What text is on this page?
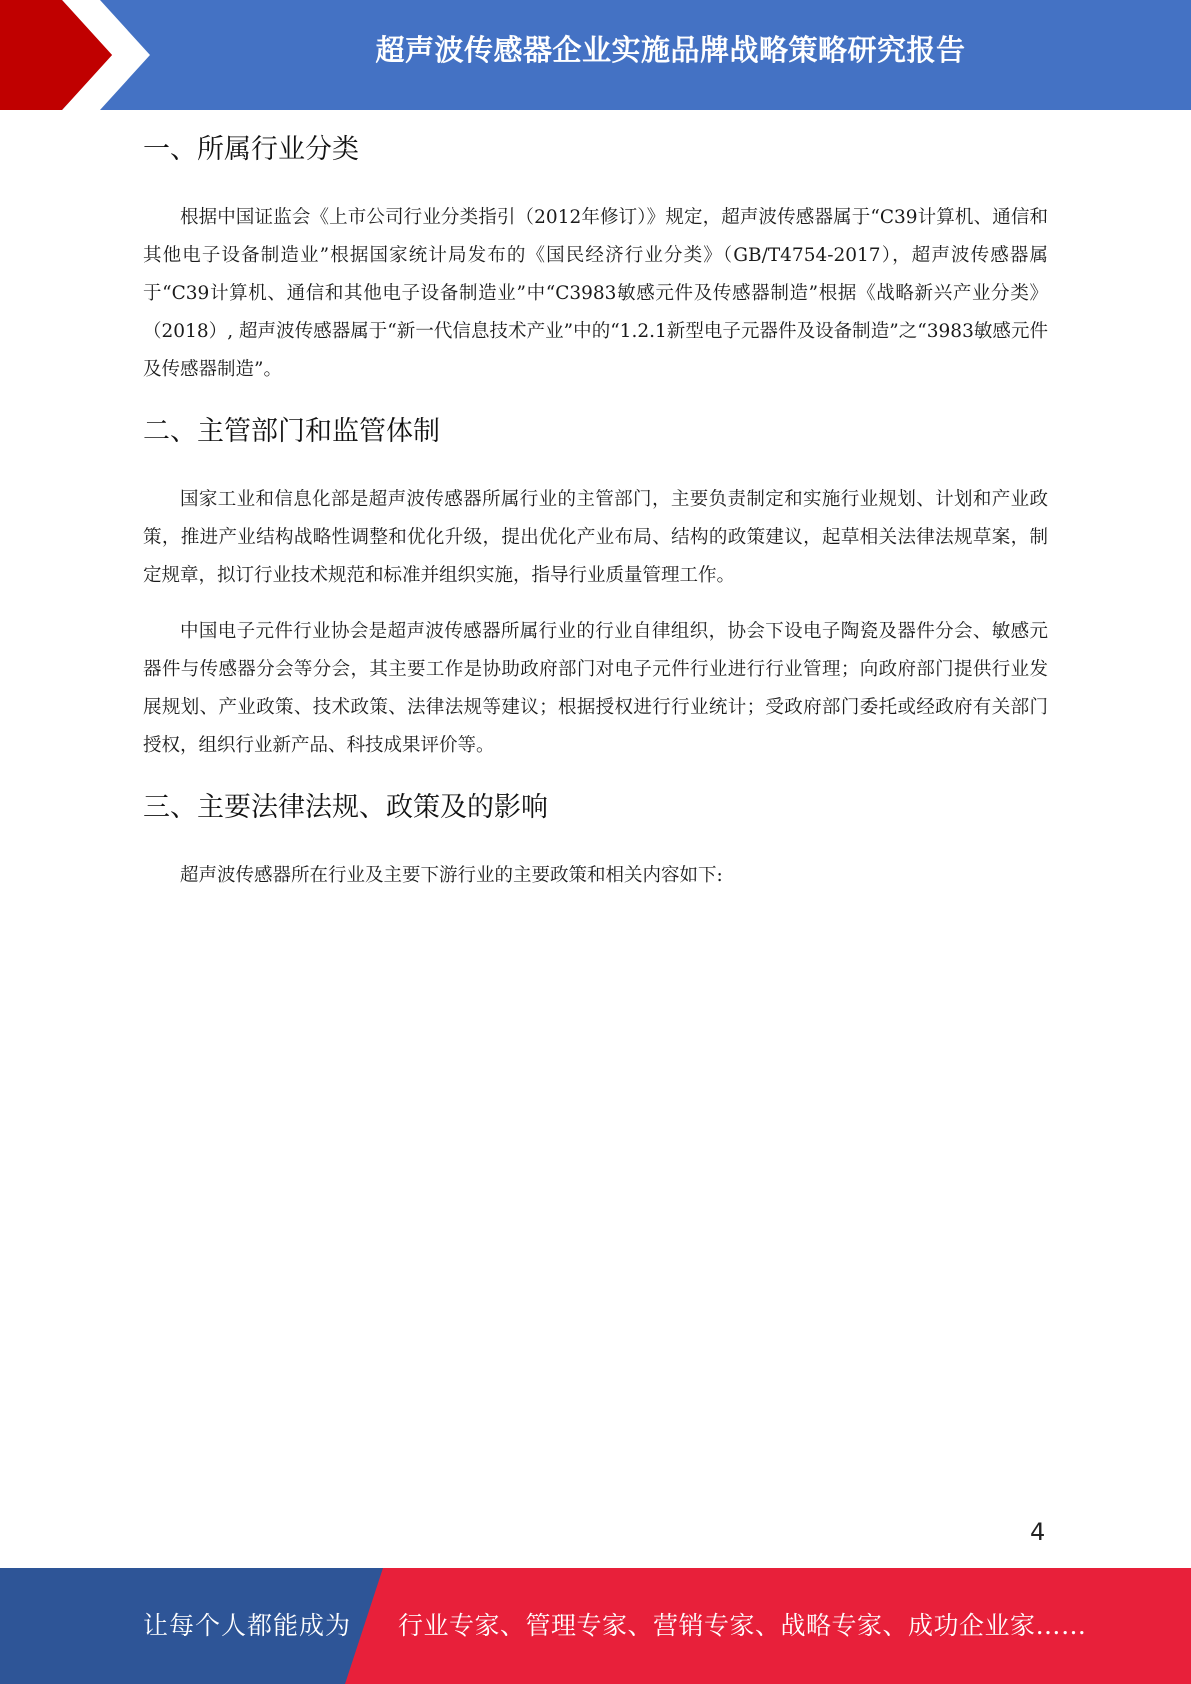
超声波传感器企业实施品牌战略策略研究报告
一、所属行业分类

根据中国证监会《上市公司行业分类指引（2012年修订）》规定，超声波传感器属于“C39计算机、通信和其他电子设备制造业”根据国家统计局发布的《国民经济行业分类》（GB/T4754-2017），超声波传感器属于“C39计算机、通信和其他电子设备制造业”中“C3983敏感元件及传感器制造”根据《战略新兴产业分类》（2018）, 超声波传感器属于“新一代信息技术产业”中的“1.2.1新型电子元器件及设备制造”之“3983敏感元件及传感器制造”。

二、主管部门和监管体制

国家工业和信息化部是超声波传感器所属行业的主管部门，主要负责制定和实施行业规划、计划和产业政策，推进产业结构战略性调整和优化升级，提出优化产业布局、结构的政策建议，起草相关法律法规草案，制定规章，拟订行业技术规范和标准并组织实施，指导行业质量管理工作。

中国电子元件行业协会是超声波传感器所属行业的行业自律组织，协会下设电子陶瓷及器件分会、敏感元器件与传感器分会等分会，其主要工作是协助政府部门对电子元件行业进行行业管理；向政府部门提供行业发展规划、产业政策、技术政策、法律法规等建议；根据授权进行行业统计；受政府部门委托或经政府有关部门授权，组织行业新产品、科技成果评价等。

三、主要法律法规、政策及的影响

超声波传感器所在行业及主要下游行业的主要政策和相关内容如下:

4
让每个人都能成为 行业专家、管理专家、营销专家、战略专家、成功企业家……
